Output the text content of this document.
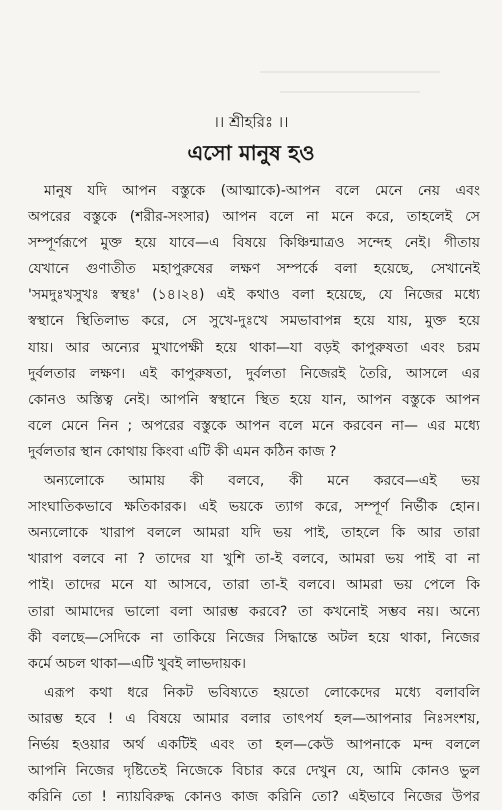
।। শ্রীহরিঃ ।।
এসো মানুষ হও
মানুষ যদি আপন বস্তুকে (আত্মাকে)-আপন বলে মেনে নেয় এবং
অপরের বস্তুকে (শরীর-সংসার) আপন বলে না মনে করে, তাহলেই সে
সম্পূর্ণরূপে মুক্ত হয়ে যাবে—এ বিষয়ে কিঞ্চিন্মাত্রও সন্দেহ নেই। গীতায়
যেখানে গুণাতীত মহাপুরুষের লক্ষণ সম্পর্কে বলা হয়েছে, সেখানেই
'সমদুঃখসুখঃ স্বস্থঃ' (১৪।২৪) এই কথাও বলা হয়েছে, যে নিজের মধ্যে
স্বস্থানে স্থিতিলাভ করে, সে সুখে-দুঃখে সমভাবাপন্ন হয়ে যায়, মুক্ত হয়ে
যায়। আর অন্যের মুখাপেক্ষী হয়ে থাকা—যা বড়ই কাপুরুষতা এবং চরম
দুর্বলতার লক্ষণ। এই কাপুরুষতা, দুর্বলতা নিজেরই তৈরি, আসলে এর
কোনও অস্তিত্ব নেই। আপনি স্বস্থানে স্থিত হয়ে যান, আপন বস্তুকে আপন
বলে মেনে নিন ; অপরের বস্তুকে আপন বলে মনে করবেন না— এর মধ্যে
দুর্বলতার স্থান কোথায় কিংবা এটি কী এমন কঠিন কাজ ?
অন্যলোকে আমায় কী বলবে, কী মনে করবে—এই ভয়
সাংঘাতিকভাবে ক্ষতিকারক। এই ভয়কে ত্যাগ করে, সম্পূর্ণ নির্ভীক হোন।
অন্যলোকে খারাপ বললে আমরা যদি ভয় পাই, তাহলে কি আর তারা
খারাপ বলবে না ? তাদের যা খুশি তা-ই বলবে, আমরা ভয় পাই বা না
পাই। তাদের মনে যা আসবে, তারা তা-ই বলবে। আমরা ভয় পেলে কি
তারা আমাদের ভালো বলা আরম্ভ করবে? তা কখনোই সম্ভব নয়। অন্যে
কী বলছে—সেদিকে না তাকিয়ে নিজের সিদ্ধান্তে অটল হয়ে থাকা, নিজের
কর্মে অচল থাকা—এটি খুবই লাভদায়ক।
এরূপ কথা ধরে নিকট ভবিষ্যতে হয়তো লোকেদের মধ্যে বলাবলি
আরম্ভ হবে ! এ বিষয়ে আমার বলার তাৎপর্য হল—আপনার নিঃসংশয়,
নির্ভয় হওয়ার অর্থ একটিই এবং তা হল—কেউ আপনাকে মন্দ বললে
আপনি নিজের দৃষ্টিতেই নিজেকে বিচার করে দেখুন যে, আমি কোনও ভুল
করিনি তো ! ন্যায়বিরুদ্ধ কোনও কাজ করিনি তো? এইভাবে নিজের উপর
